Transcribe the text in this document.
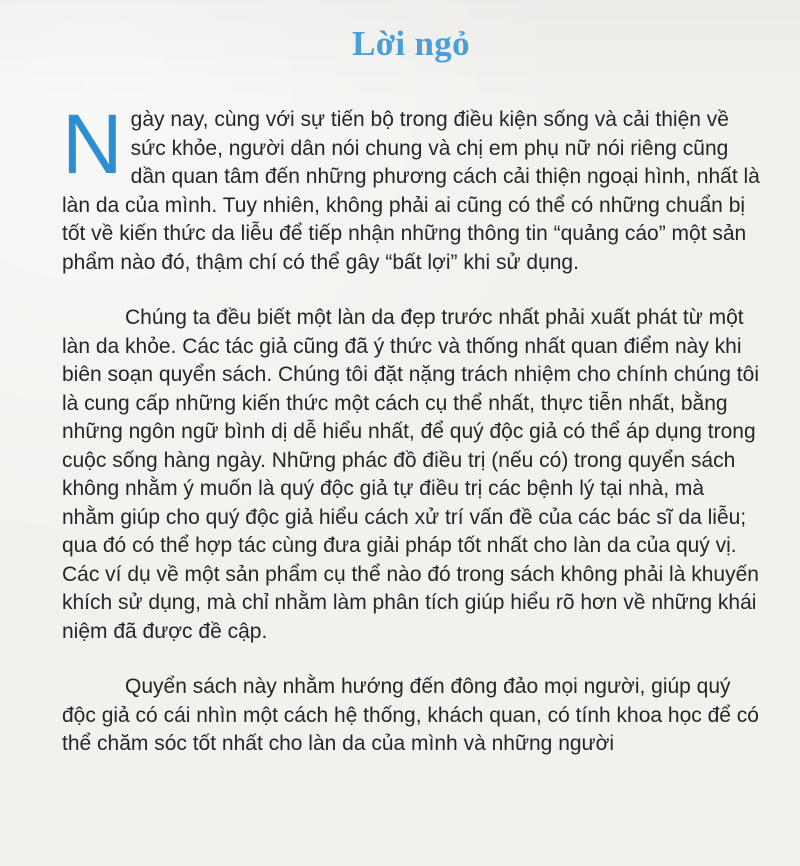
Lời ngỏ

Ngày nay, cùng với sự tiến bộ trong điều kiện sống và cải thiện về sức khỏe, người dân nói chung và chị em phụ nữ nói riêng cũng dần quan tâm đến những phương cách cải thiện ngoại hình, nhất là làn da của mình. Tuy nhiên, không phải ai cũng có thể có những chuẩn bị tốt về kiến thức da liễu để tiếp nhận những thông tin “quảng cáo” một sản phẩm nào đó, thậm chí có thể gây “bất lợi” khi sử dụng.

Chúng ta đều biết một làn da đẹp trước nhất phải xuất phát từ một làn da khỏe. Các tác giả cũng đã ý thức và thống nhất quan điểm này khi biên soạn quyển sách. Chúng tôi đặt nặng trách nhiệm cho chính chúng tôi là cung cấp những kiến thức một cách cụ thể nhất, thực tiễn nhất, bằng những ngôn ngữ bình dị dễ hiểu nhất, để quý độc giả có thể áp dụng trong cuộc sống hàng ngày. Những phác đồ điều trị (nếu có) trong quyển sách không nhằm ý muốn là quý độc giả tự điều trị các bệnh lý tại nhà, mà nhằm giúp cho quý độc giả hiểu cách xử trí vấn đề của các bác sĩ da liễu; qua đó có thể hợp tác cùng đưa giải pháp tốt nhất cho làn da của quý vị. Các ví dụ về một sản phẩm cụ thể nào đó trong sách không phải là khuyến khích sử dụng, mà chỉ nhằm làm phân tích giúp hiểu rõ hơn về những khái niệm đã được đề cập.

Quyển sách này nhằm hướng đến đông đảo mọi người, giúp quý độc giả có cái nhìn một cách hệ thống, khách quan, có tính khoa học để có thể chăm sóc tốt nhất cho làn da của mình và những người
